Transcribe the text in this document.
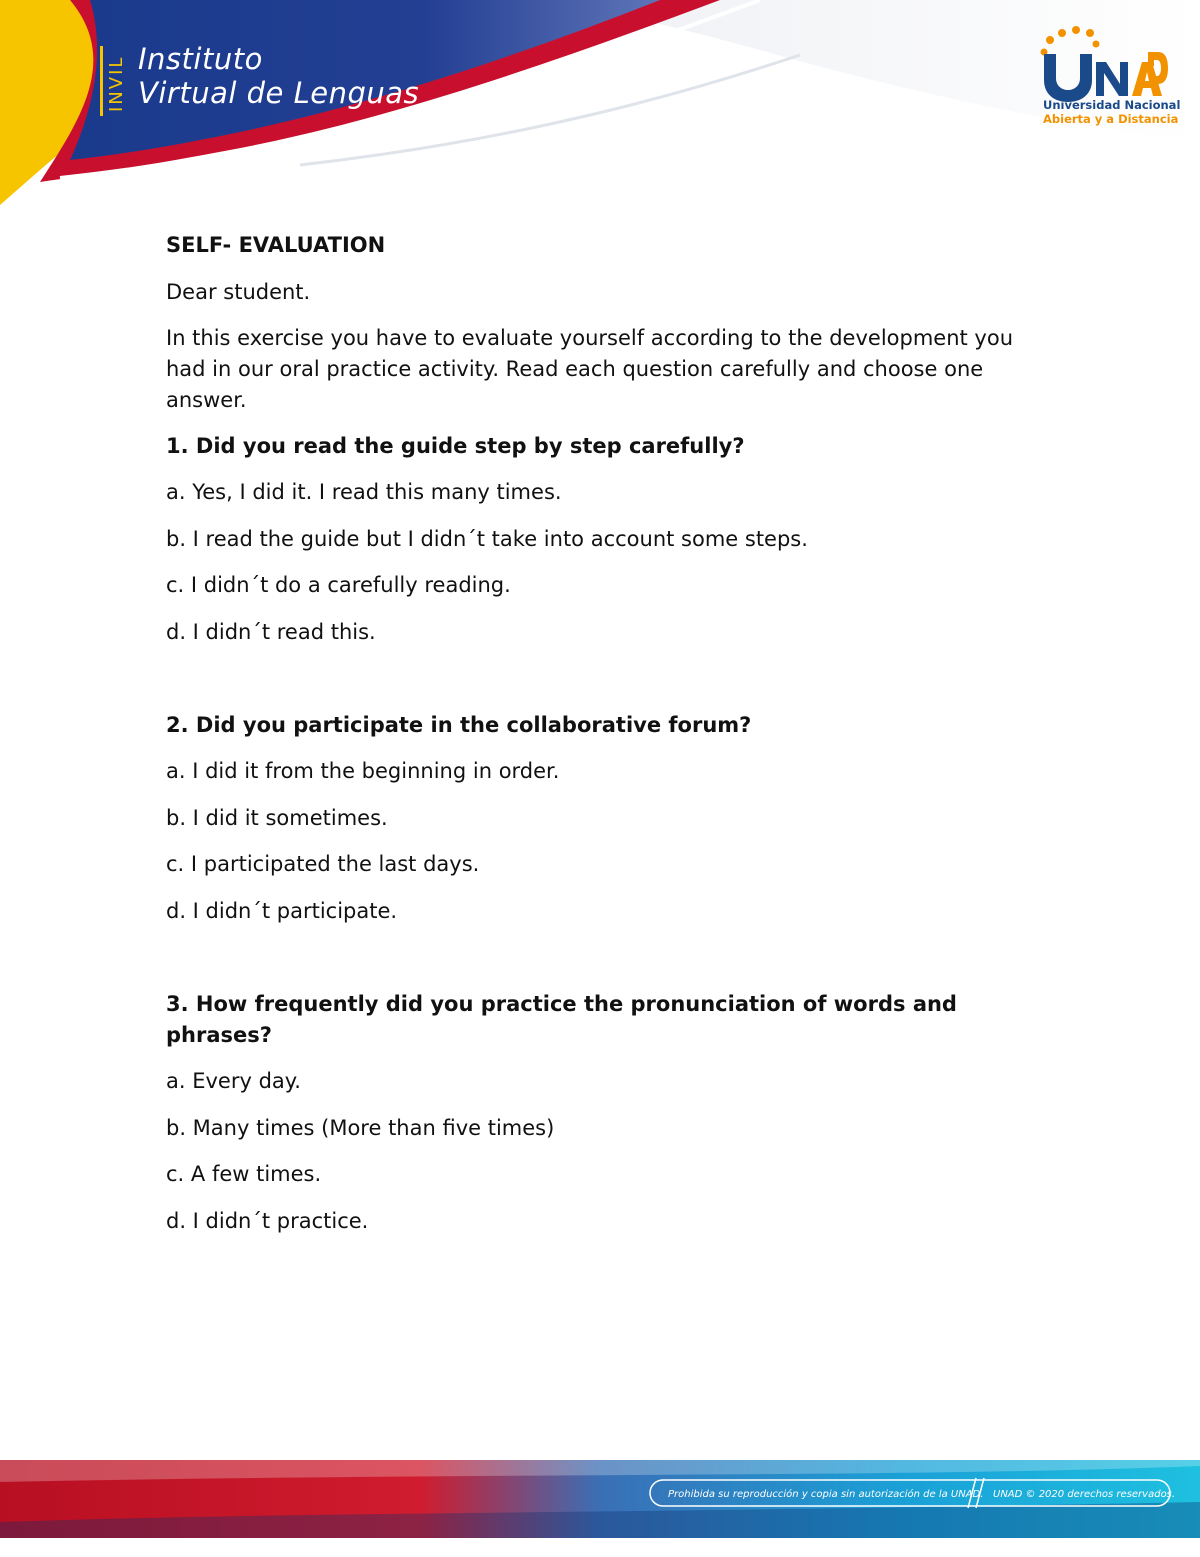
INVIL Instituto
Virtual de Lenguas	Universidad Nacional
Abierta y a Distancia

SELF- EVALUATION

Dear student.

In this exercise you have to evaluate yourself according to the development you had in our oral practice activity. Read each question carefully and choose one answer.

1. Did you read the guide step by step carefully?

a. Yes, I did it. I read this many times.

b. I read the guide but I didn´t take into account some steps.

c. I didn´t do a carefully reading.

d. I didn´t read this.

2. Did you participate in the collaborative forum?

a. I did it from the beginning in order.

b. I did it sometimes.

c. I participated the last days.

d. I didn´t participate.

3. How frequently did you practice the pronunciation of words and phrases?

a. Every day.

b. Many times (More than five times)

c. A few times.

d. I didn´t practice.

Prohibida su reproducción y copia sin autorización de la UNAD. UNAD © 2020 derechos reservados.
